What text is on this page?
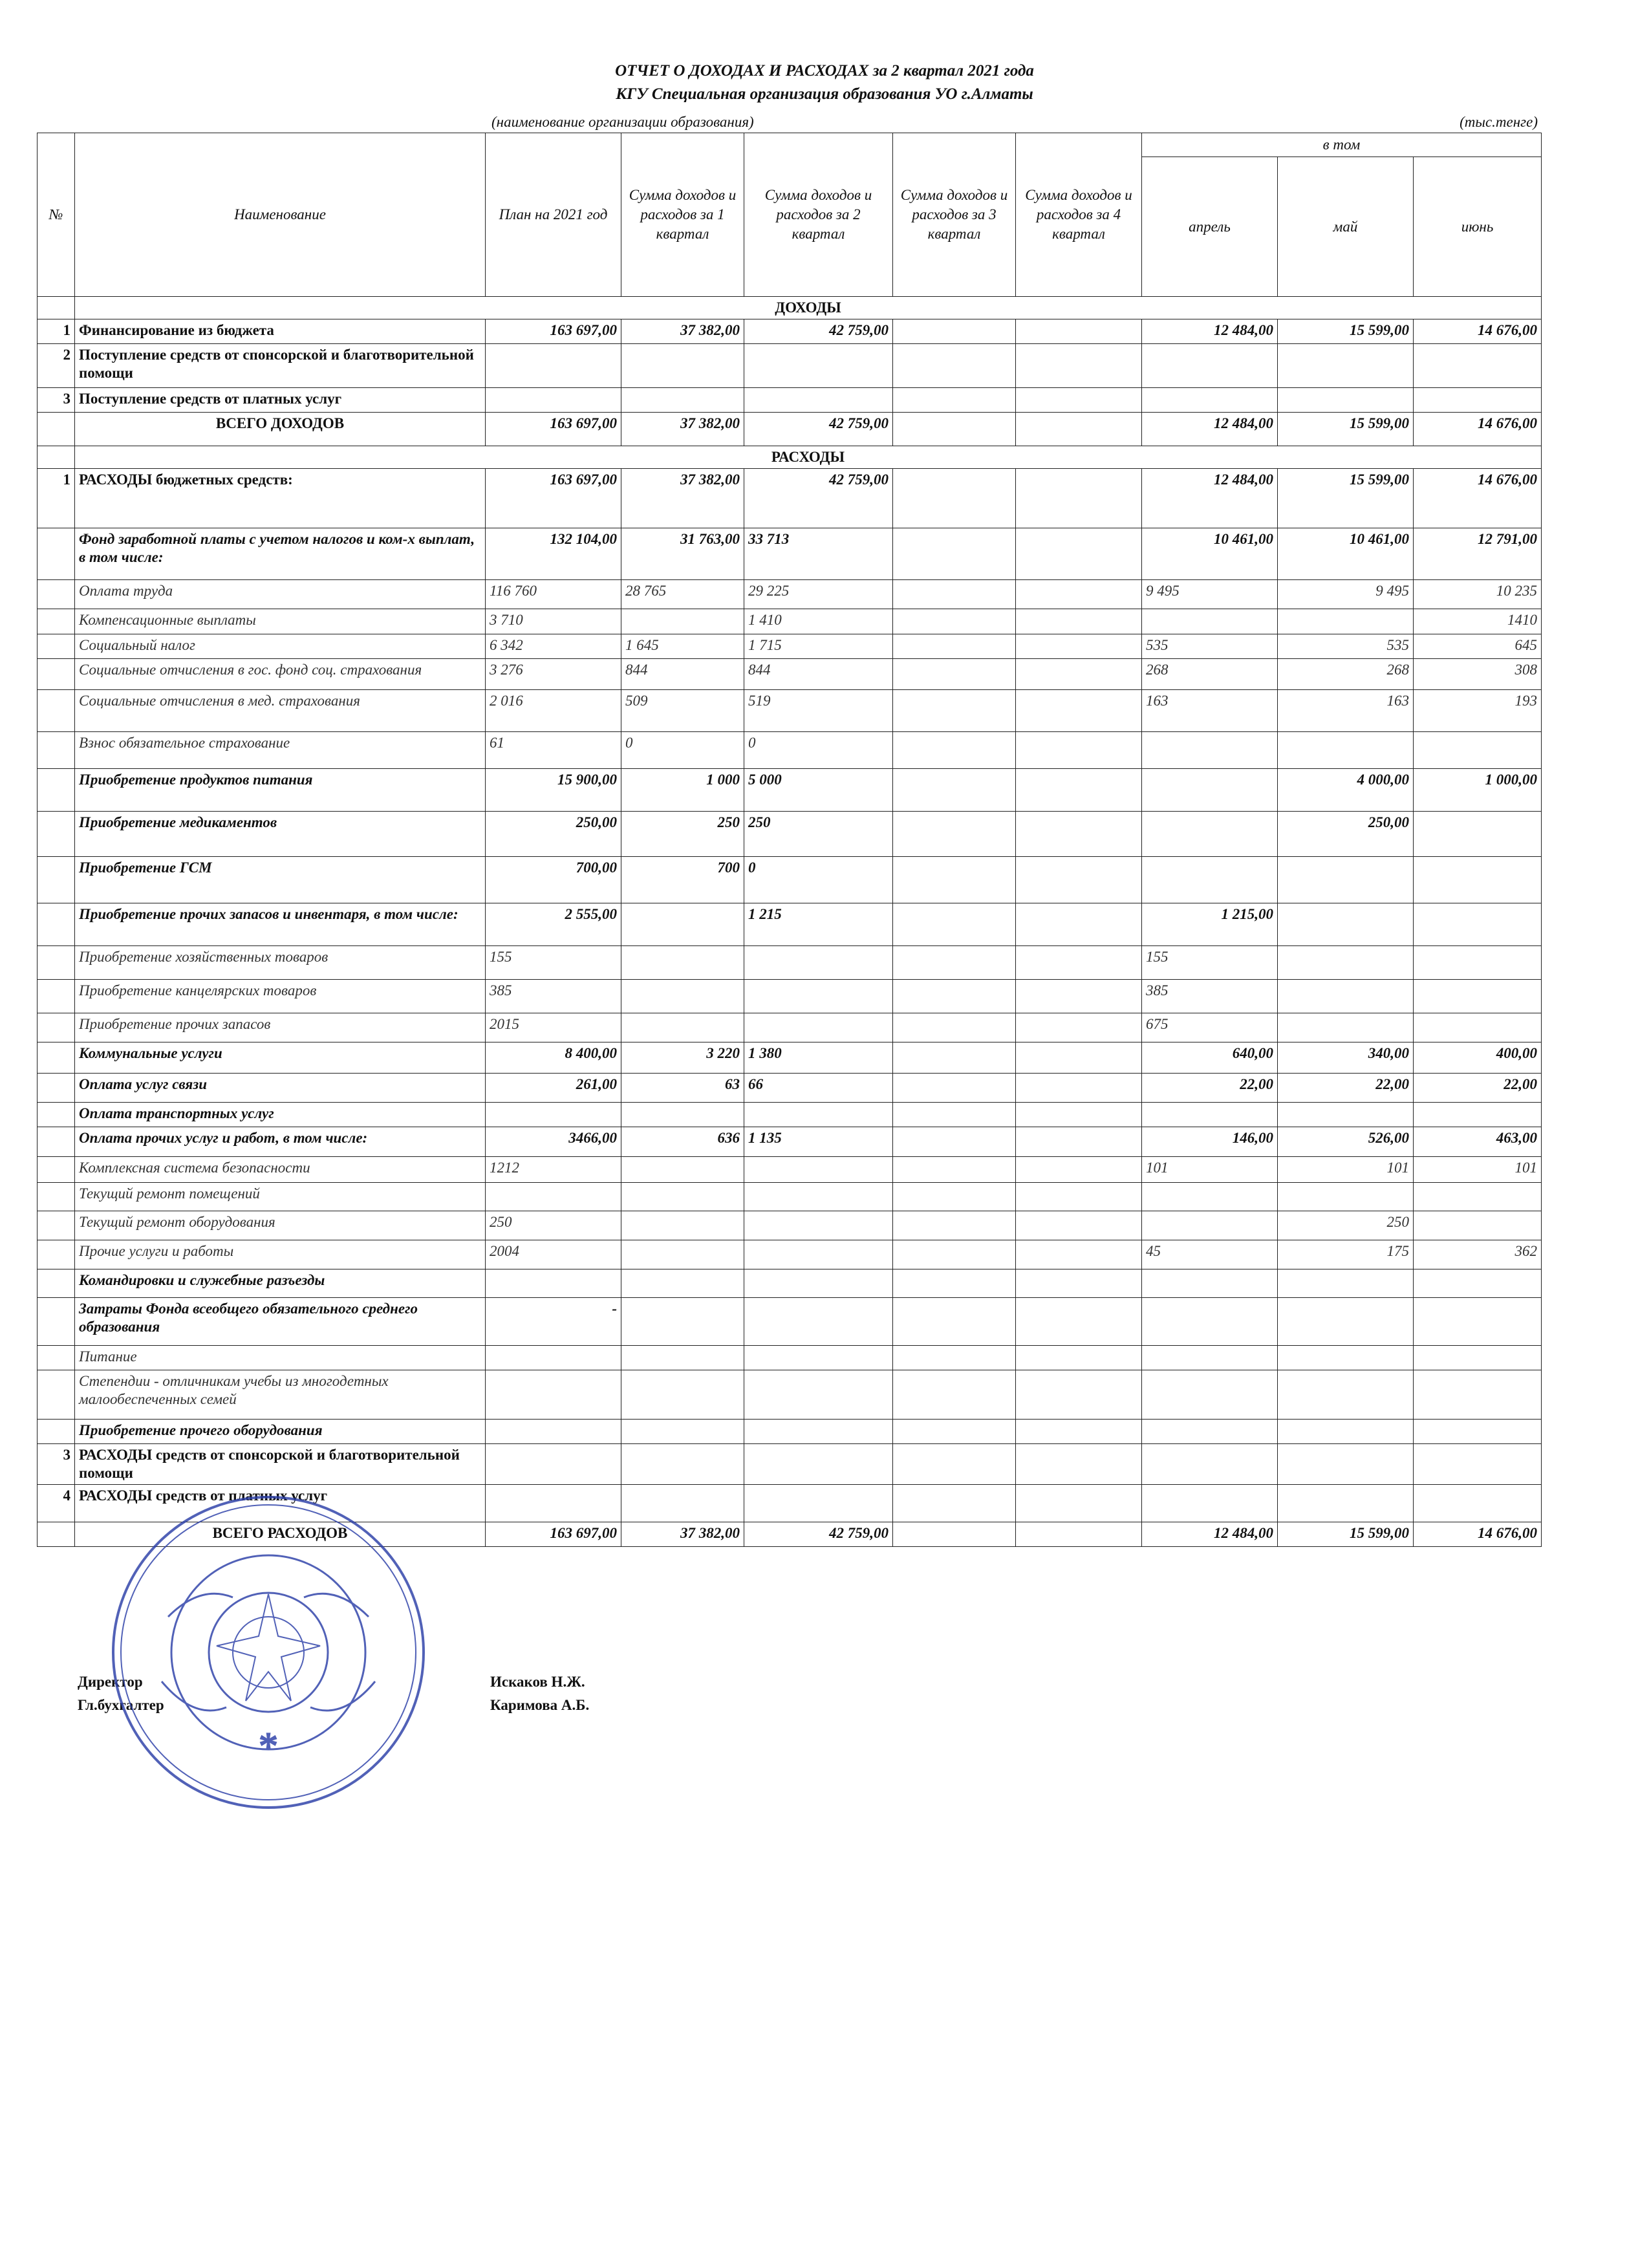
ОТЧЕТ О ДОХОДАХ И РАСХОДАХ за 2 квартал 2021 года
КГУ Специальная организация образования УО г.Алматы
(наименование организации образования)	(тыс.тенге)
№	Наименование	План на 2021 год	Сумма доходов и расходов за 1 квартал	Сумма доходов и расходов за 2 квартал	Сумма доходов и расходов за 3 квартал	Сумма доходов и расходов за 4 квартал	в том		
							апрель	май	июнь
	ДОХОДЫ								
1	Финансирование из бюджета	163 697,00	37 382,00	42 759,00			12 484,00	15 599,00	14 676,00
2	Поступление средств от спонсорской и благотворительной помощи								
3	Поступление средств от платных услуг								
	ВСЕГО ДОХОДОВ	163 697,00	37 382,00	42 759,00			12 484,00	15 599,00	14 676,00
	РАСХОДЫ								
1	РАСХОДЫ бюджетных средств:	163 697,00	37 382,00	42 759,00			12 484,00	15 599,00	14 676,00
	Фонд заработной платы с учетом налогов и ком-х выплат, в том числе:	132 104,00	31 763,00	33 713			10 461,00	10 461,00	12 791,00
	Оплата труда	116 760	28 765	29 225			9 495	9 495	10 235
	Компенсационные выплаты	3 710		1 410					1410
	Социальный налог	6 342	1 645	1 715			535	535	645
	Социальные отчисления в гос. фонд соц. страхования	3 276	844	844			268	268	308
	Социальные отчисления в мед. страхования	2 016	509	519			163	163	193
	Взнос обязательное страхование	61	0	0					
	Приобретение продуктов питания	15 900,00	1 000	5 000				4 000,00	1 000,00
	Приобретение медикаментов	250,00	250	250				250,00	
	Приобретение ГСМ	700,00	700	0					
	Приобретение прочих запасов и инвентаря, в том числе:	2 555,00		1 215			1 215,00		
	Приобретение хозяйственных товаров	155					155		
	Приобретение канцелярских товаров	385					385		
	Приобретение прочих запасов	2015					675		
	Коммунальные услуги	8 400,00	3 220	1 380			640,00	340,00	400,00
	Оплата услуг связи	261,00	63	66			22,00	22,00	22,00
	Оплата транспортных услуг								
	Оплата прочих услуг и работ, в том числе:	3466,00	636	1 135			146,00	526,00	463,00
	Комплексная система безопасности	1212					101	101	101
	Текущий ремонт помещений								
	Текущий ремонт оборудования	250						250	
	Прочие услуги и работы	2004					45	175	362
	Командировки и служебные разъезды								
	Затраты Фонда всеобщего обязательного среднего образования	-							
	Питание								
	Степендии - отличникам учебы из многодетных малообеспеченных семей								
	Приобретение прочего оборудования								
3	РАСХОДЫ средств от спонсорской и благотворительной помощи								
4	РАСХОДЫ средств от платных услуг								
	ВСЕГО РАСХОДОВ	163 697,00	37 382,00	42 759,00			12 484,00	15 599,00	14 676,00
Директор	Искаков Н.Ж.
Гл.бухгалтер	Каримова А.Б.
*
